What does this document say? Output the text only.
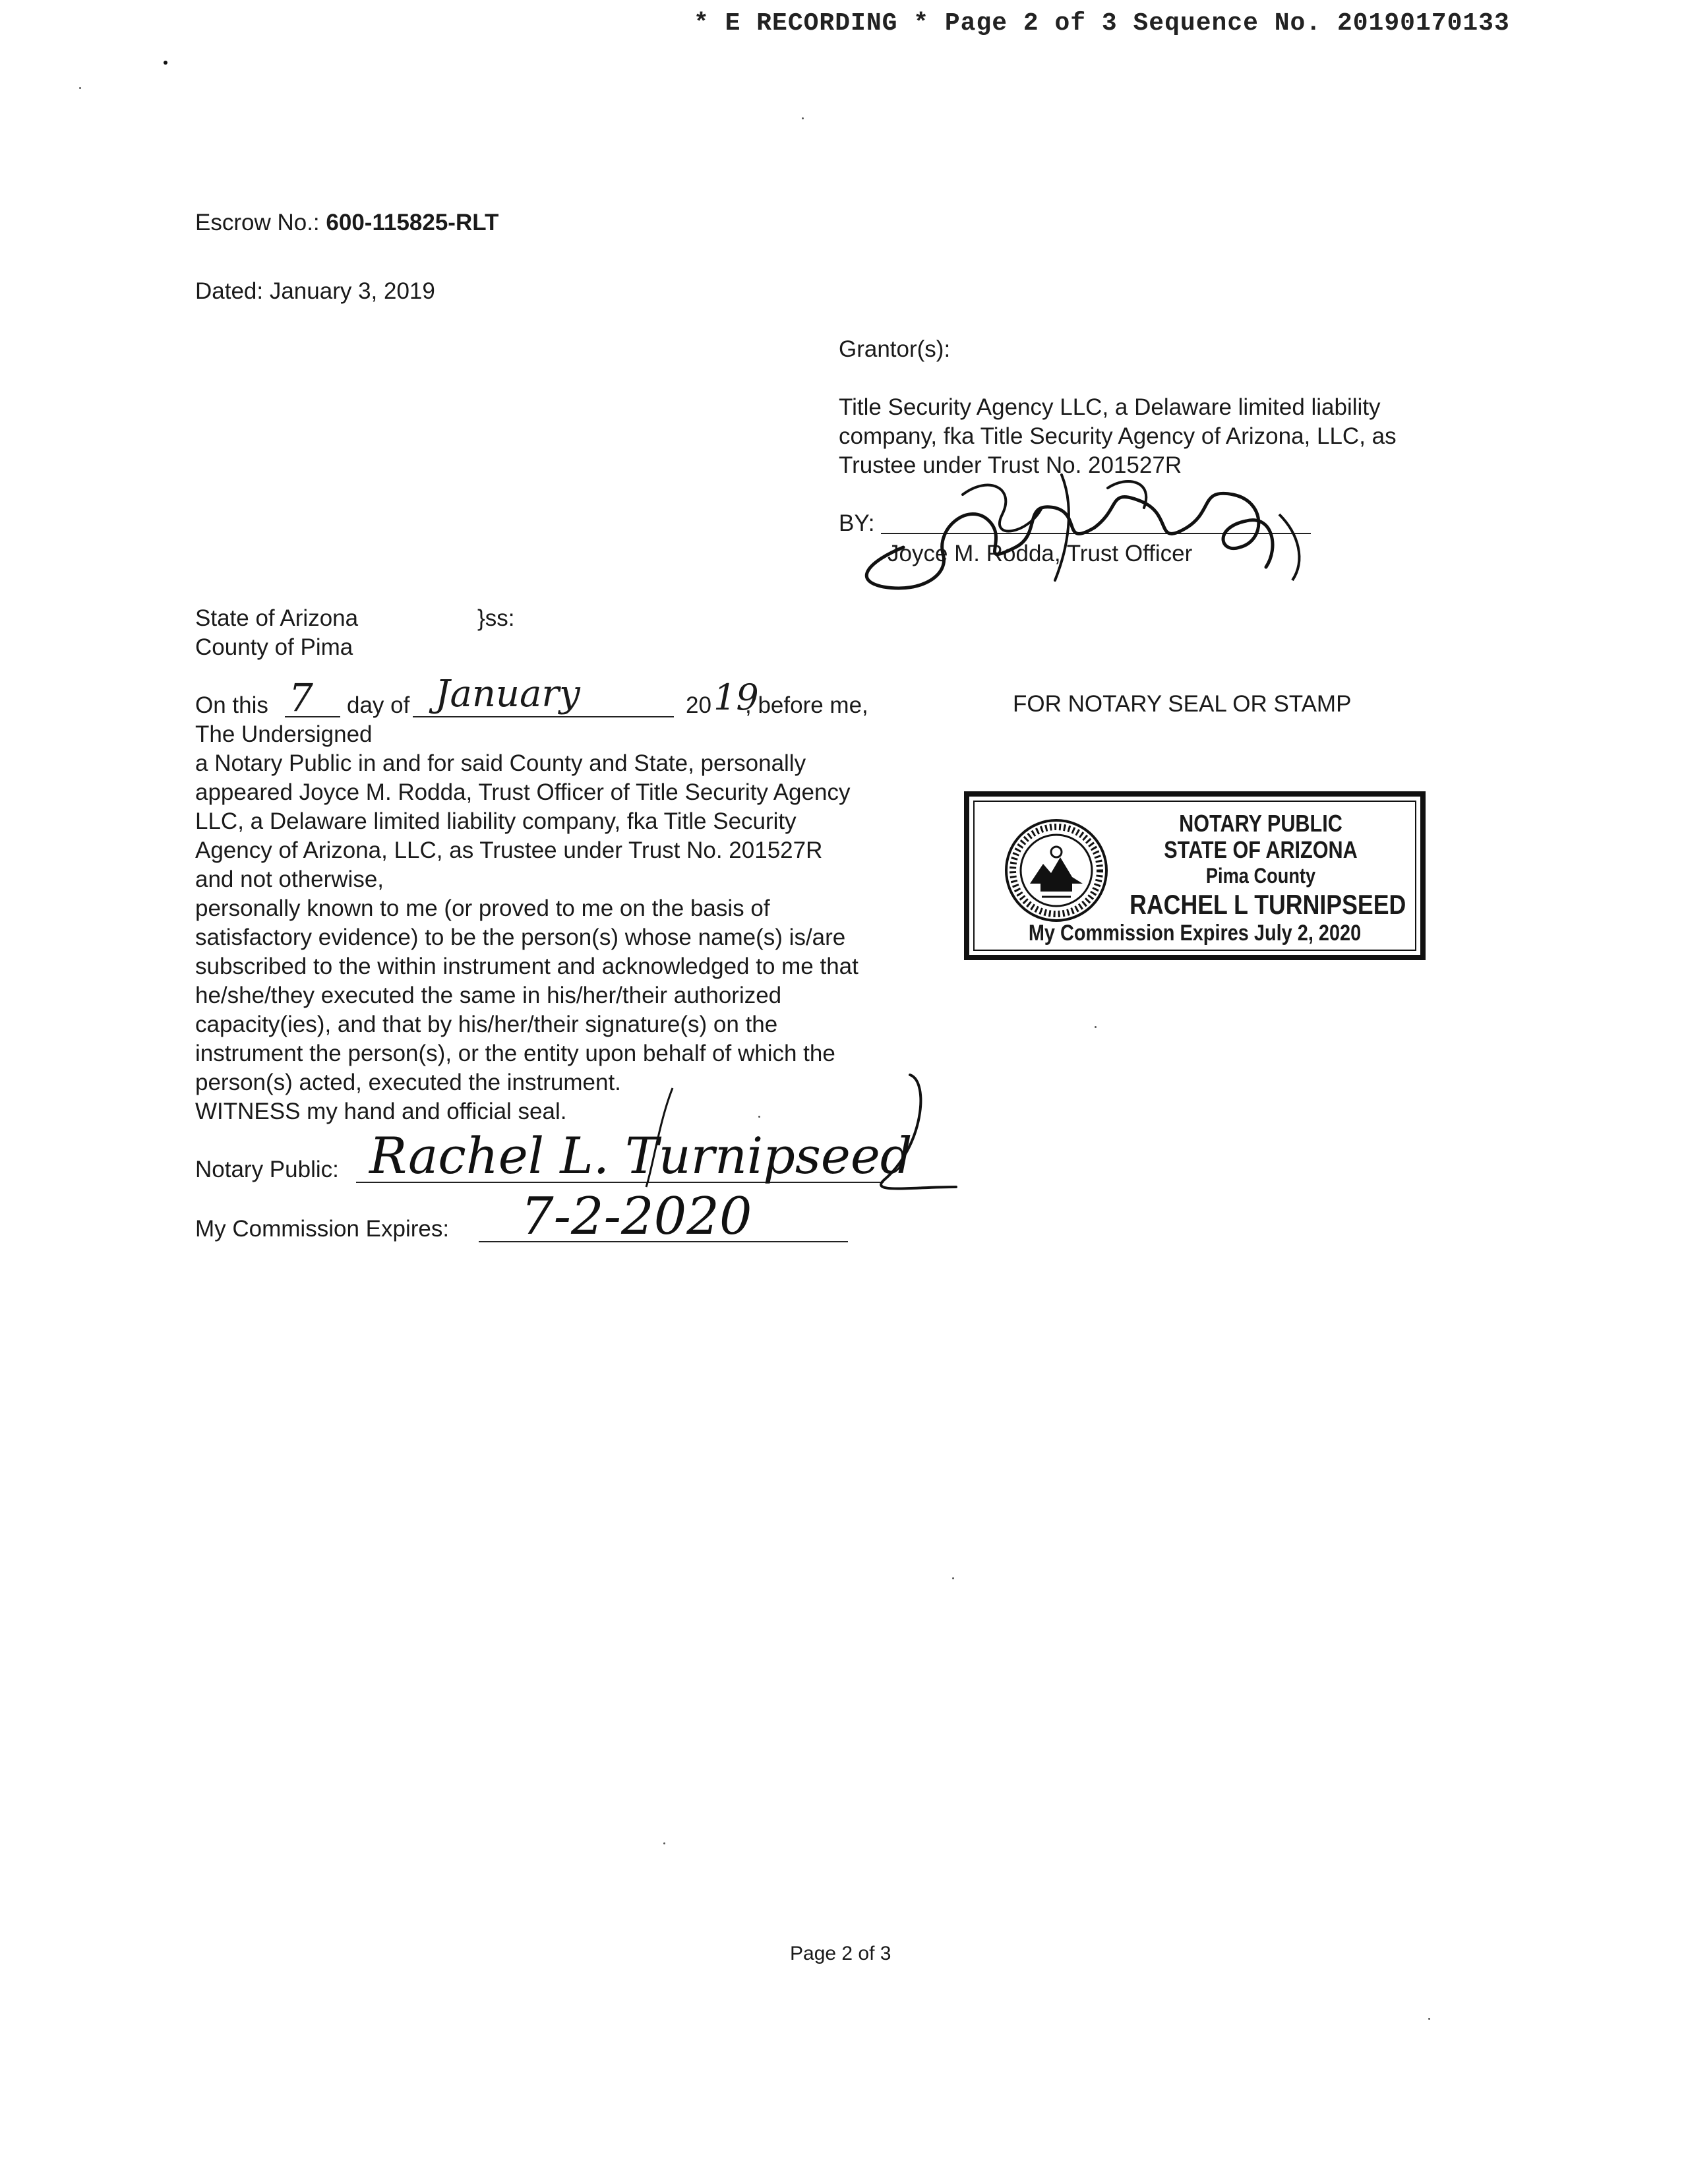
* E RECORDING * Page 2 of 3 Sequence No. 20190170133
Escrow No.: 600-115825-RLT
Dated: January 3, 2019
Grantor(s):
Title Security Agency LLC, a Delaware limited liability
company, fka Title Security Agency of Arizona, LLC, as
Trustee under Trust No. 201527R
BY:
Joyce M. Rodda, Trust Officer
State of Arizona	}ss:
County of Pima
On this 7 day of January	20 19
, before me,
The Undersigned
a Notary Public in and for said County and State, personally
appeared Joyce M. Rodda, Trust Officer of Title Security Agency
LLC, a Delaware limited liability company, fka Title Security
Agency of Arizona, LLC, as Trustee under Trust No. 201527R
and not otherwise,
personally known to me (or proved to me on the basis of
satisfactory evidence) to be the person(s) whose name(s) is/are
subscribed to the within instrument and acknowledged to me that
he/she/they executed the same in his/her/their authorized
capacity(ies), and that by his/her/their signature(s) on the
instrument the person(s), or the entity upon behalf of which the
person(s) acted, executed the instrument.
WITNESS my hand and official seal.
Notary Public: Rachel L. Turnipseed
My Commission Expires: 7-2-2020
FOR NOTARY SEAL OR STAMP
NOTARY PUBLIC
STATE OF ARIZONA
Pima County
RACHEL L TURNIPSEED
My Commission Expires July 2, 2020
Page 2 of 3
